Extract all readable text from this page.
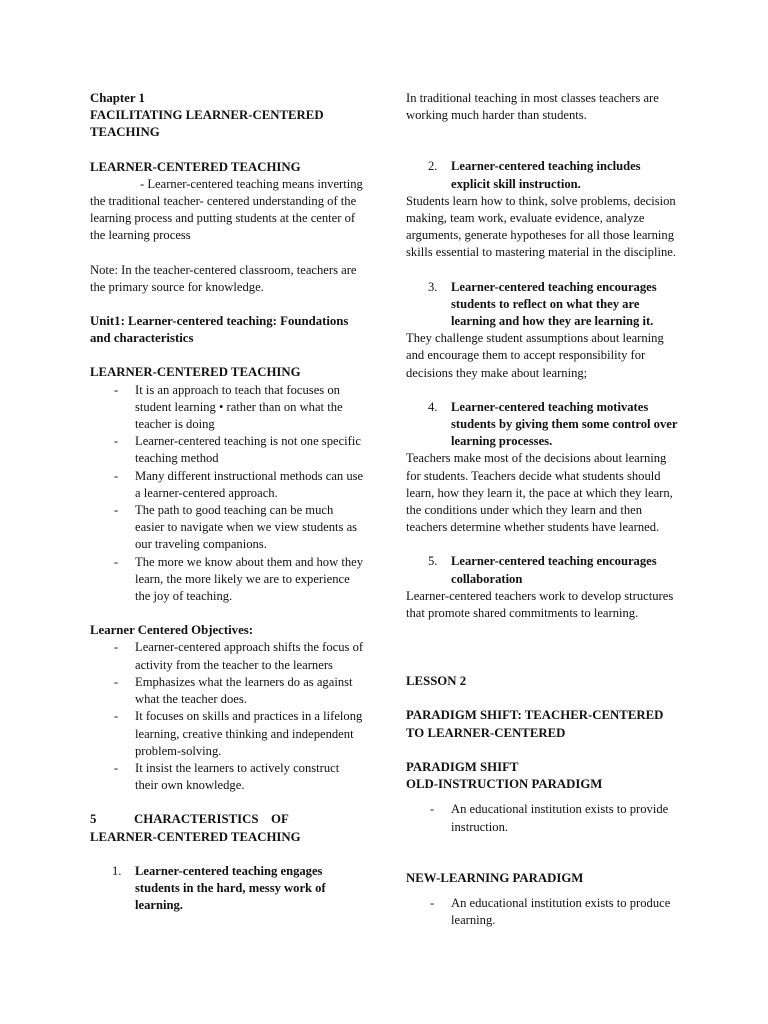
Chapter 1
FACILITATING LEARNER-CENTERED TEACHING
LEARNER-CENTERED TEACHING
- Learner-centered teaching means inverting the traditional teacher- centered understanding of the learning process and putting students at the center of the learning process
Note: In the teacher-centered classroom, teachers are the primary source for knowledge.
Unit1: Learner-centered teaching: Foundations and characteristics
LEARNER-CENTERED TEACHING
- It is an approach to teach that focuses on student learning • rather than on what the teacher is doing
- Learner-centered teaching is not one specific teaching method
- Many different instructional methods can use a learner-centered approach.
- The path to good teaching can be much easier to navigate when we view students as our traveling companions.
- The more we know about them and how they learn, the more likely we are to experience the joy of teaching.
Learner Centered Objectives:
- Learner-centered approach shifts the focus of activity from the teacher to the learners
- Emphasizes what the learners do as against what the teacher does.
- It focuses on skills and practices in a lifelong learning, creative thinking and independent problem-solving.
- It insist the learners to actively construct their own knowledge.
5	CHARACTERISTICS OF
LEARNER-CENTERED TEACHING
1. Learner-centered teaching engages students in the hard, messy work of learning.
In traditional teaching in most classes teachers are working much harder than students.
2. Learner-centered teaching includes explicit skill instruction.
Students learn how to think, solve problems, decision making, team work, evaluate evidence, analyze arguments, generate hypotheses for all those learning skills essential to mastering material in the discipline.
3. Learner-centered teaching encourages students to reflect on what they are learning and how they are learning it.
They challenge student assumptions about learning and encourage them to accept responsibility for decisions they make about learning;
4. Learner-centered teaching motivates students by giving them some control over learning processes.
Teachers make most of the decisions about learning for students. Teachers decide what students should learn, how they learn it, the pace at which they learn, the conditions under which they learn and then teachers determine whether students have learned.
5. Learner-centered teaching encourages collaboration
Learner-centered teachers work to develop structures that promote shared commitments to learning.
LESSON 2
PARADIGM SHIFT: TEACHER-CENTERED TO LEARNER-CENTERED
PARADIGM SHIFT
OLD-INSTRUCTION PARADIGM
- An educational institution exists to provide instruction.
NEW-LEARNING PARADIGM
- An educational institution exists to produce learning.
